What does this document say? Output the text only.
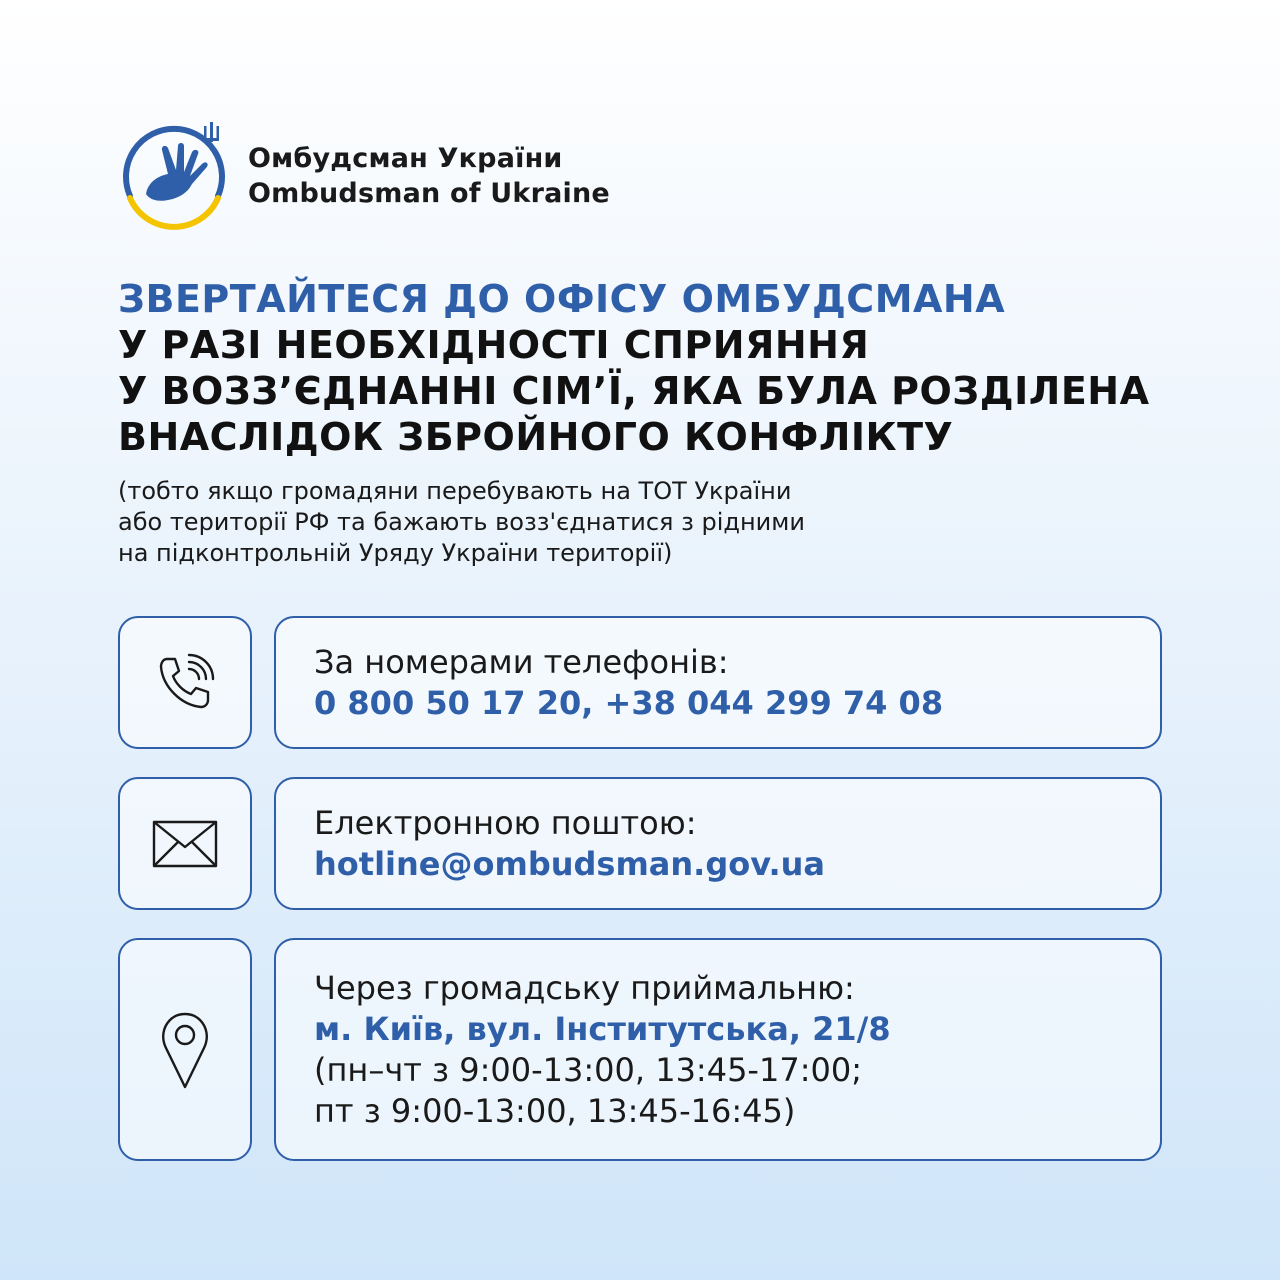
Омбудсман України
Ombudsman of Ukraine
ЗВЕРТАЙТЕСЯ ДО ОФІСУ ОМБУДСМАНА
У РАЗІ НЕОБХІДНОСТІ СПРИЯННЯ
У ВОЗЗ’ЄДНАННІ СІМ’Ї, ЯКА БУЛА РОЗДІЛЕНА
ВНАСЛІДОК ЗБРОЙНОГО КОНФЛІКТУ
(тобто якщо громадяни перебувають на ТОТ України
або території РФ та бажають возз'єднатися з рідними
на підконтрольній Уряду України території)
За номерами телефонів:
0 800 50 17 20, +38 044 299 74 08
Електронною поштою:
hotline@ombudsman.gov.ua
Через громадську приймальню:
м. Київ, вул. Інститутська, 21/8
(пн–чт з 9:00-13:00, 13:45-17:00;
пт з 9:00-13:00, 13:45-16:45)
